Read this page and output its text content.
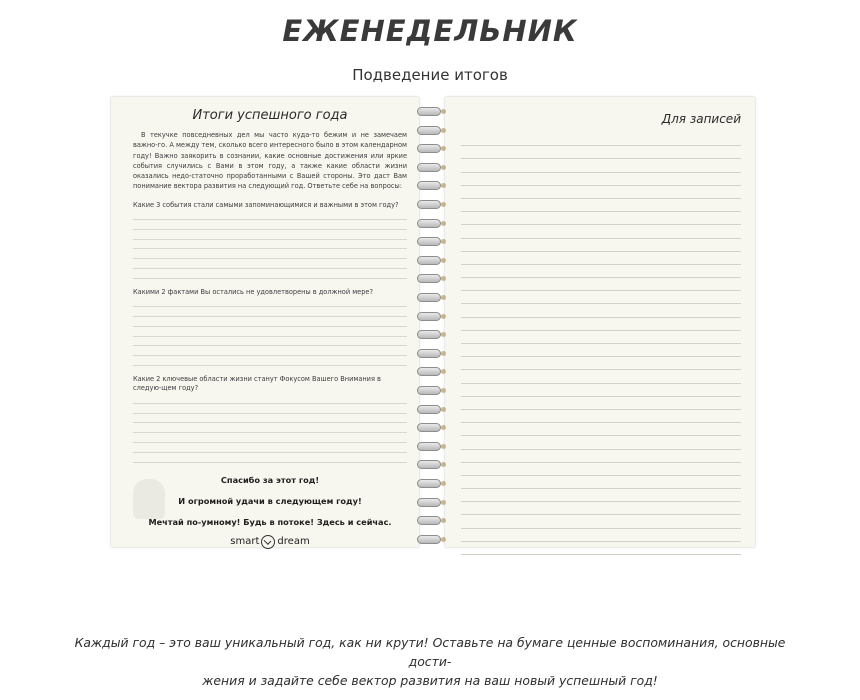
ЕЖЕНЕДЕЛЬНИК
Подведение итогов
Итоги успешного года
В текучке повседневных дел мы часто куда-то бежим и не замечаем важно-го. А между тем, сколько всего интересного было в этом календарном году! Важно заякорить в сознании, какие основные достижения или яркие события случились с Вами в этом году, а также какие области жизни оказались недо-статочно проработанными с Вашей стороны. Это даст Вам понимание вектора развития на следующий год. Ответьте себе на вопросы:
Какие 3 события стали самыми запоминающимися и важными в этом году?
Какими 2 фактами Вы остались не удовлетворены в должной мере?
Какие 2 ключевые области жизни станут Фокусом Вашего Внимания в следую-щем году?
Спасибо за этот год!
И огромной удачи в следующем году!
Мечтай по-умному! Будь в потоке! Здесь и сейчас.
smart dream
Для записей
Каждый год – это ваш уникальный год, как ни крути! Оставьте на бумаге ценные воспоминания, основные дости-
жения и задайте себе вектор развития на ваш новый успешный год!
